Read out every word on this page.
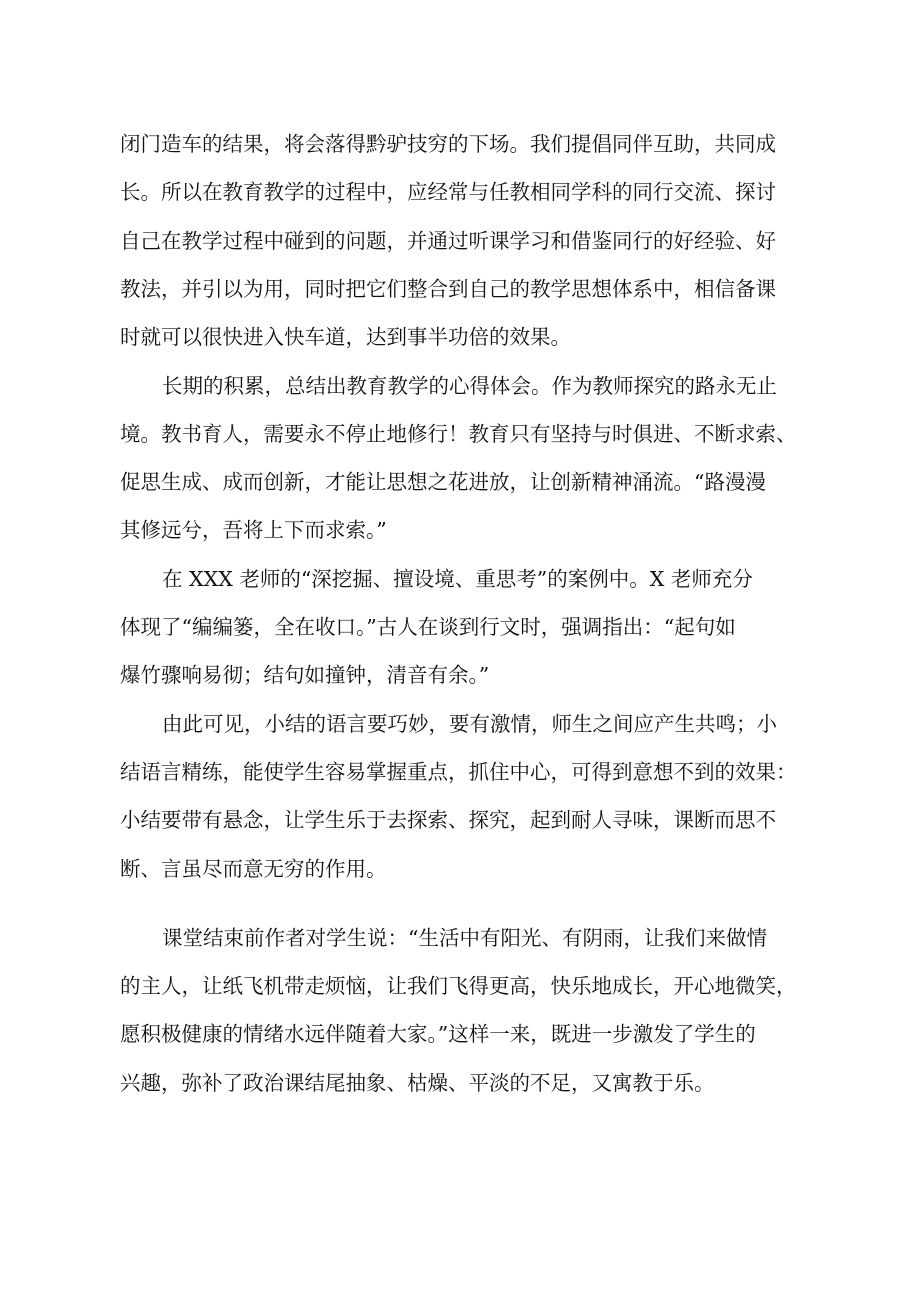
闭门造车的结果，将会落得黔驴技穷的下场。我们提倡同伴互助，共同成
长。所以在教育教学的过程中，应经常与任教相同学科的同行交流、探讨
自己在教学过程中碰到的问题，并通过听课学习和借鉴同行的好经验、好
教法，并引以为用，同时把它们整合到自己的教学思想体系中，相信备课
时就可以很快进入快车道，达到事半功倍的效果。
长期的积累，总结出教育教学的心得体会。作为教师探究的路永无止
境。教书育人，需要永不停止地修行！教育只有坚持与时俱进、不断求索、
促思生成、成而创新，才能让思想之花进放，让创新精神涌流。“路漫漫
其修远兮，吾将上下而求索。”
在 XXX 老师的“深挖掘、擅设境、重思考”的案例中。X 老师充分
体现了“编编篓，全在收口。”古人在谈到行文时，强调指出：“起句如
爆竹骤响易彻；结句如撞钟，清音有余。”
由此可见，小结的语言要巧妙，要有激情，师生之间应产生共鸣；小
结语言精练，能使学生容易掌握重点，抓住中心，可得到意想不到的效果：
小结要带有悬念，让学生乐于去探索、探究，起到耐人寻味，课断而思不
断、言虽尽而意无穷的作用。
课堂结束前作者对学生说：“生活中有阳光、有阴雨，让我们来做情
的主人，让纸飞机带走烦恼，让我们飞得更高，快乐地成长，开心地微笑，
愿积极健康的情绪水远伴随着大家。”这样一来，既进一步激发了学生的
兴趣，弥补了政治课结尾抽象、枯燥、平淡的不足，又寓教于乐。
